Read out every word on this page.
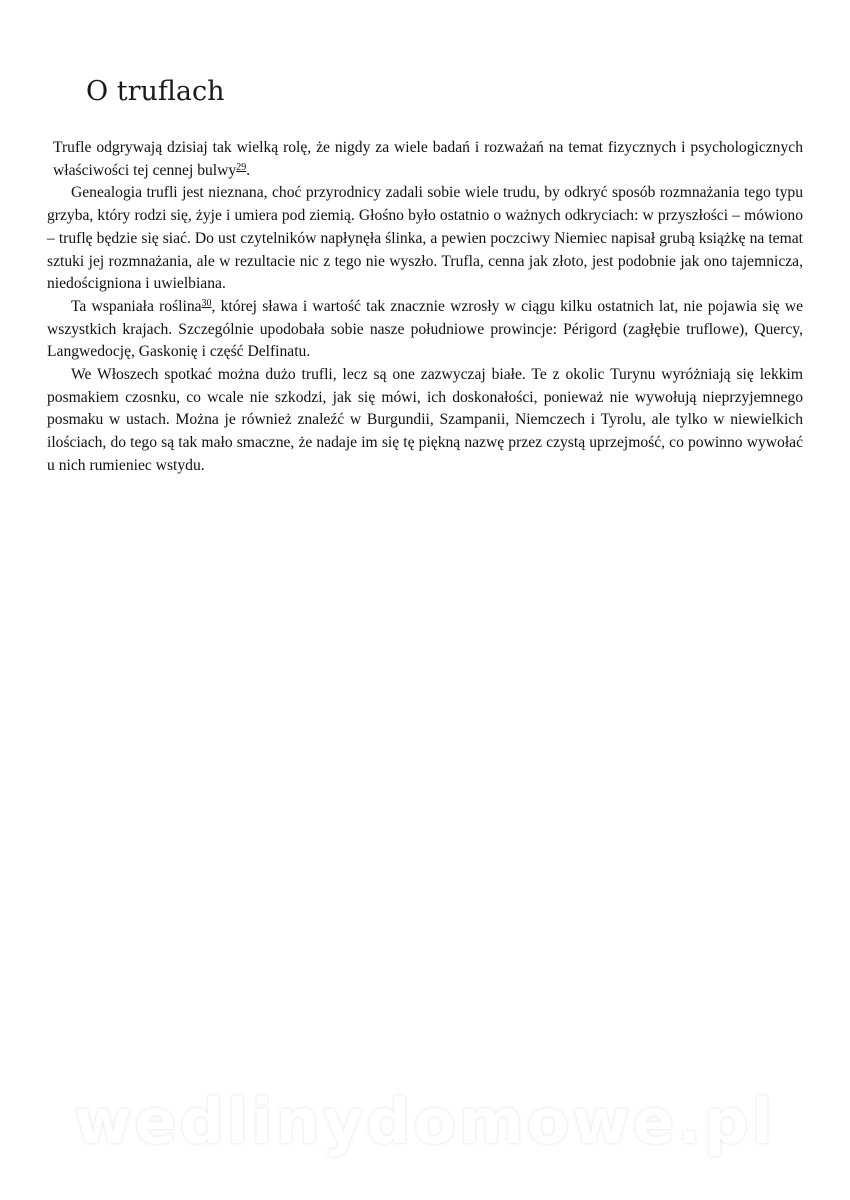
O truflach

Trufle odgrywają dzisiaj tak wielką rolę, że nigdy za wiele badań i rozważań na temat fizycznych i psychologicznych właściwości tej cennej bulwy$^{29}$.

Genealogia trufli jest nieznana, choć przyrodnicy zadali sobie wiele trudu, by odkryć sposób rozmnażania tego typu grzyba, który rodzi się, żyje i umiera pod ziemią. Głośno było ostatnio o ważnych odkryciach: w przyszłości – mówiono – truflę będzie się siać. Do ust czytelników napłynęła ślinka, a pewien poczciwy Niemiec napisał grubą książkę na temat sztuki jej rozmnażania, ale w rezultacie nic z tego nie wyszło. Trufla, cenna jak złoto, jest podobnie jak ono tajemnicza, niedościgniona i uwielbiana.

Ta wspaniała roślina$^{30}$, której sława i wartość tak znacznie wzrosły w ciągu kilku ostatnich lat, nie pojawia się we wszystkich krajach. Szczególnie upodobała sobie nasze południowe prowincje: Périgord (zagłębie truflowe), Quercy, Langwedocję, Gaskonię i część Delfinatu.

We Włoszech spotkać można dużo trufli, lecz są one zazwyczaj białe. Te z okolic Turynu wyróżniają się lekkim posmakiem czosnku, co wcale nie szkodzi, jak się mówi, ich doskonałości, ponieważ nie wywołują nieprzyjemnego posmaku w ustach. Można je również znaleźć w Burgundii, Szampanii, Niemczech i Tyrolu, ale tylko w niewielkich ilościach, do tego są tak mało smaczne, że nadaje im się tę piękną nazwę przez czystą uprzejmość, co powinno wywołać u nich rumieniec wstydu.

wedlinydomowe.pl
